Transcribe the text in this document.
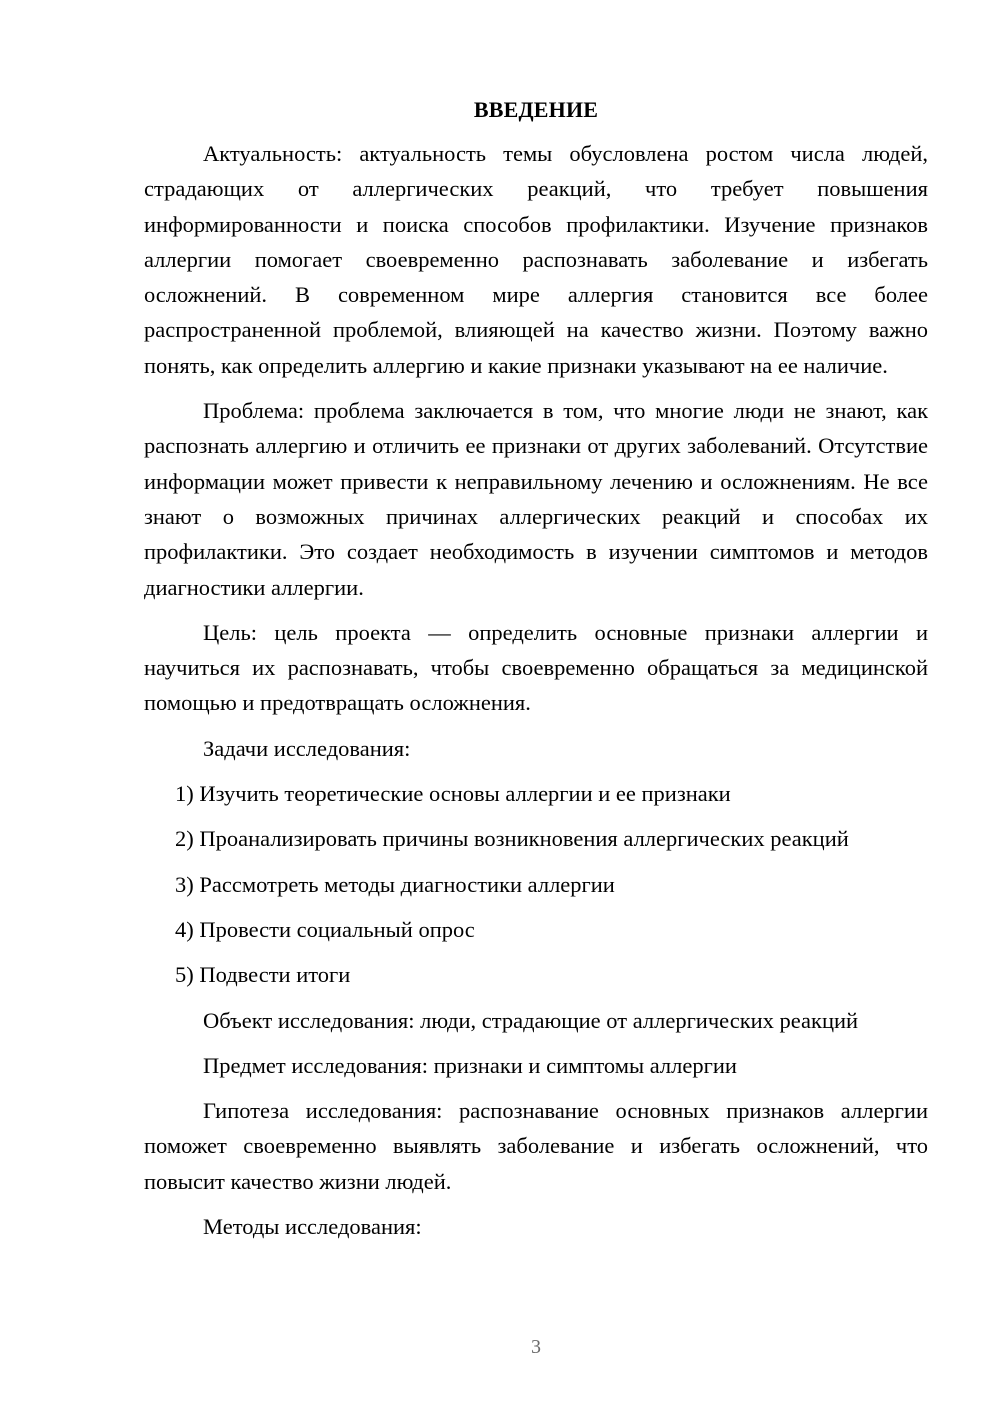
ВВЕДЕНИЕ

Актуальность: актуальность темы обусловлена ростом числа людей, страдающих от аллергических реакций, что требует повышения информированности и поиска способов профилактики. Изучение признаков аллергии помогает своевременно распознавать заболевание и избегать осложнений. В современном мире аллергия становится все более распространенной проблемой, влияющей на качество жизни. Поэтому важно понять, как определить аллергию и какие признаки указывают на ее наличие.

Проблема: проблема заключается в том, что многие люди не знают, как распознать аллергию и отличить ее признаки от других заболеваний. Отсутствие информации может привести к неправильному лечению и осложнениям. Не все знают о возможных причинах аллергических реакций и способах их профилактики. Это создает необходимость в изучении симптомов и методов диагностики аллергии.

Цель: цель проекта — определить основные признаки аллергии и научиться их распознавать, чтобы своевременно обращаться за медицинской помощью и предотвращать осложнения.

Задачи исследования:

1) Изучить теоретические основы аллергии и ее признаки
2) Проанализировать причины возникновения аллергических реакций
3) Рассмотреть методы диагностики аллергии
4) Провести социальный опрос
5) Подвести итоги

Объект исследования: люди, страдающие от аллергических реакций

Предмет исследования: признаки и симптомы аллергии

Гипотеза исследования: распознавание основных признаков аллергии поможет своевременно выявлять заболевание и избегать осложнений, что повысит качество жизни людей.

Методы исследования:

3
